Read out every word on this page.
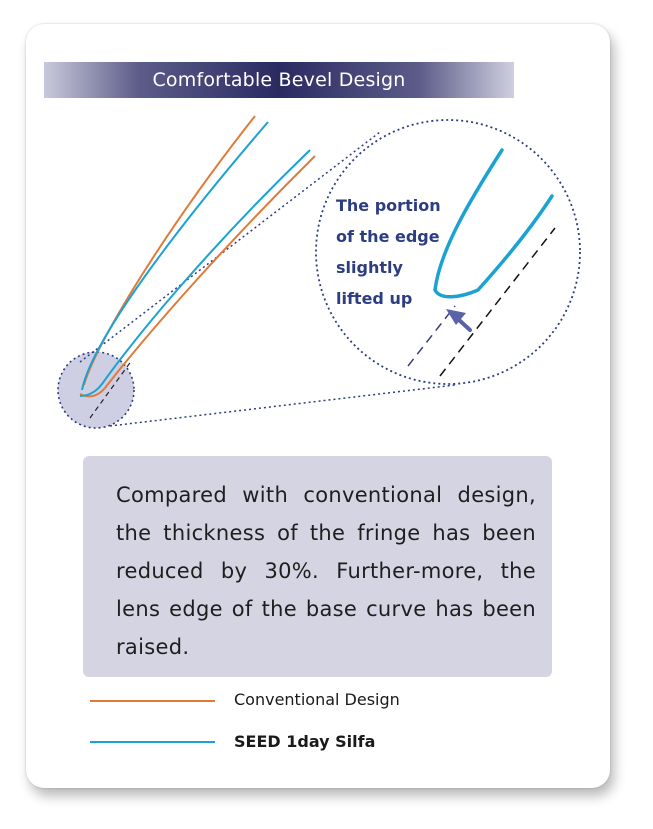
Comfortable Bevel Design
The portion
of the edge
slightly
lifted up
Compared with conventional design, the thickness of the fringe has been reduced by 30%. Further-more, the lens edge of the base curve has been raised.
Conventional Design
SEED 1day Silfa
